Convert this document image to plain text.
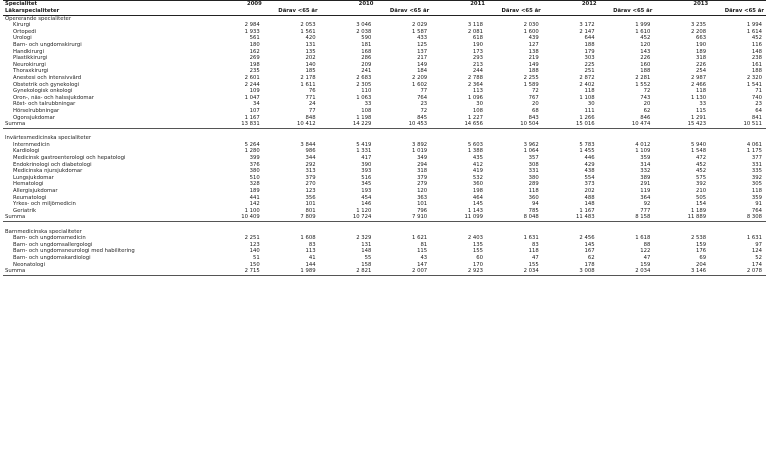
Specialitet	2009		2010		2011		2012		2013	
Läkarspecialiteter		Därav <65 år		Därav <65 år		Därav <65 år		Därav <65 år		Därav <65 år
Opererande specialiteter										
Kirurgi	2 984	2 053	3 046	2 029	3 118	2 030	3 172	1 999	3 235	1 994
Ortopedi	1 933	1 561	2 038	1 587	2 081	1 600	2 147	1 610	2 208	1 614
Urologi	561	420	590	433	618	439	644	452	663	452
Barn- och ungdomskirurgi	180	131	181	125	190	127	188	120	190	116
Handkirurgi	162	135	168	137	173	138	179	143	189	148
Plastikkirurgi	269	202	286	217	293	219	303	226	318	238
Neurokirurgi	198	140	209	149	213	149	225	160	226	161
Thoraxkirurgi	235	185	241	184	244	188	251	188	254	188
Anestesi och intensivvård	2 601	2 178	2 683	2 209	2 788	2 255	2 872	2 281	2 987	2 320
Obstetrik och gynekologi	2 244	1 611	2 305	1 602	2 364	1 589	2 402	1 552	2 466	1 541
Gynekologisk onkologi	109	76	110	77	113	72	118	72	118	71
Öron-, näs- och halssjukdomar	1 047	771	1 063	764	1 096	767	1 108	743	1 130	740
Röst- och talrubbningar	34	24	33	23	30	20	30	20	33	23
Hörselrubbningar	107	77	108	72	108	68	111	62	115	64
Ögonsjukdomar	1 167	848	1 198	845	1 227	843	1 266	846	1 291	841
Summa	13 831	10 412	14 229	10 453	14 656	10 504	15 016	10 474	15 423	10 511

Invärtesmedicinska specialiteter										
Internmedicin	5 264	3 844	5 419	3 892	5 603	3 962	5 783	4 012	5 940	4 061
Kardiologi	1 280	986	1 331	1 019	1 388	1 064	1 455	1 109	1 548	1 175
Medicinsk gastroenterologi och hepatologi	399	344	417	349	435	357	446	359	472	377
Endokrinologi och diabetologi	376	292	390	294	412	308	429	314	452	331
Medicinska njursjukdomar	380	313	393	318	419	331	438	332	452	335
Lungsjukdomar	510	379	516	379	532	380	554	389	575	392
Hematologi	328	270	345	279	360	289	373	291	392	305
Allergisjukdomar	189	123	193	120	198	118	202	119	210	118
Reumatologi	441	356	454	363	464	360	488	364	505	359
Yrkes- och miljömedicin	142	101	146	101	145	94	148	92	154	91
Geriatrik	1 100	801	1 120	796	1 143	785	1 167	777	1 189	764
Summa	10 409	7 809	10 724	7 910	11 099	8 048	11 483	8 158	11 889	8 308

Barnmedicinska specialiteter										
Barn- och ungdomsmedicin	2 251	1 608	2 329	1 621	2 403	1 631	2 456	1 618	2 538	1 631
Barn- och ungdomsallergologi	123	83	131	81	135	83	145	88	159	97
Barn- och ungdomsneurologi med habilitering	140	113	148	115	155	118	167	122	176	124
Barn- och ungdomskardiologi	51	41	55	43	60	47	62	47	69	52
Neonatologi	150	144	158	147	170	155	178	159	204	174
Summa	2 715	1 989	2 821	2 007	2 923	2 034	3 008	2 034	3 146	2 078
